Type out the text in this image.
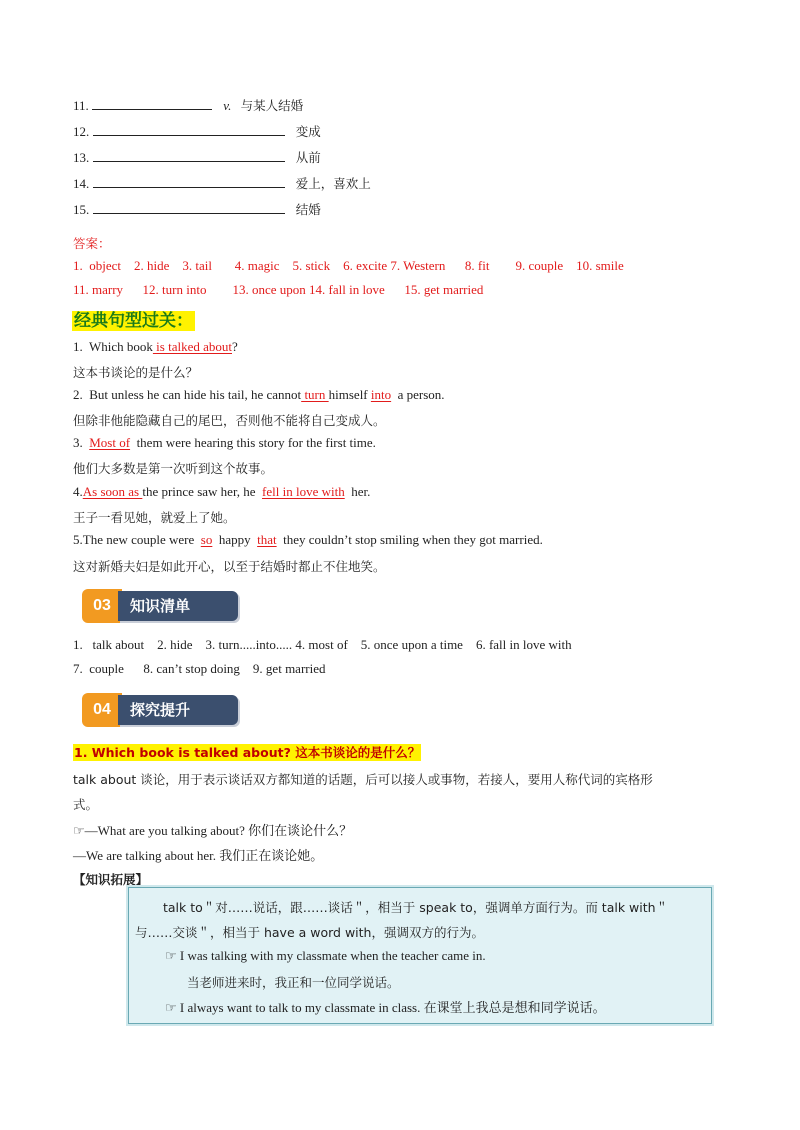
11.	v. 与某人结婚
12.	变成
13.	从前
14.	爱上，喜欢上
15.	结婚
答案：
1.  object    2. hide    3. tail       4. magic    5. stick    6. excite 7. Western      8. fit        9. couple    10. smile
11. marry      12. turn into        13. once upon 14. fall in love      15. get married
经典句型过关：
1.  Which book is talked about?
这本书谈论的是什么？
2.  But unless he can hide his tail, he cannot turn himself into  a person.
但除非他能隐藏自己的尾巴，否则他不能将自己变成人。
3.  Most of  them were hearing this story for the first time.
他们大多数是第一次听到这个故事。
4.As soon as the prince saw her, he  fell in love with  her.
王子一看见她，就爱上了她。
5.The new couple were  so  happy  that  they couldn’t stop smiling when they got married.
这对新婚夫妇是如此开心，以至于结婚时都止不住地笑。
03	知识清单
1.   talk about    2. hide    3. turn.....into..... 4. most of    5. once upon a time    6. fall in love with
7.  couple      8. can’t stop doing    9. get married
04	探究提升
1. Which book is talked about? 这本书谈论的是什么？
talk about 谈论，用于表示谈话双方都知道的话题，后可以接人或事物，若接人，要用人称代词的宾格形
式。
☞—What are you talking about? 你们在谈论什么？
—We are talking about her. 我们正在谈论她。
【知识拓展】
talk to＂对……说话，跟……谈话＂，相当于 speak to，强调单方面行为。而 talk with＂
与……交谈＂，相当于 have a word with，强调双方的行为。
☞ I was talking with my classmate when the teacher came in.
当老师进来时，我正和一位同学说话。
☞ I always want to talk to my cla‌ssmate in class. 在课堂上我总是想和同学说话。
